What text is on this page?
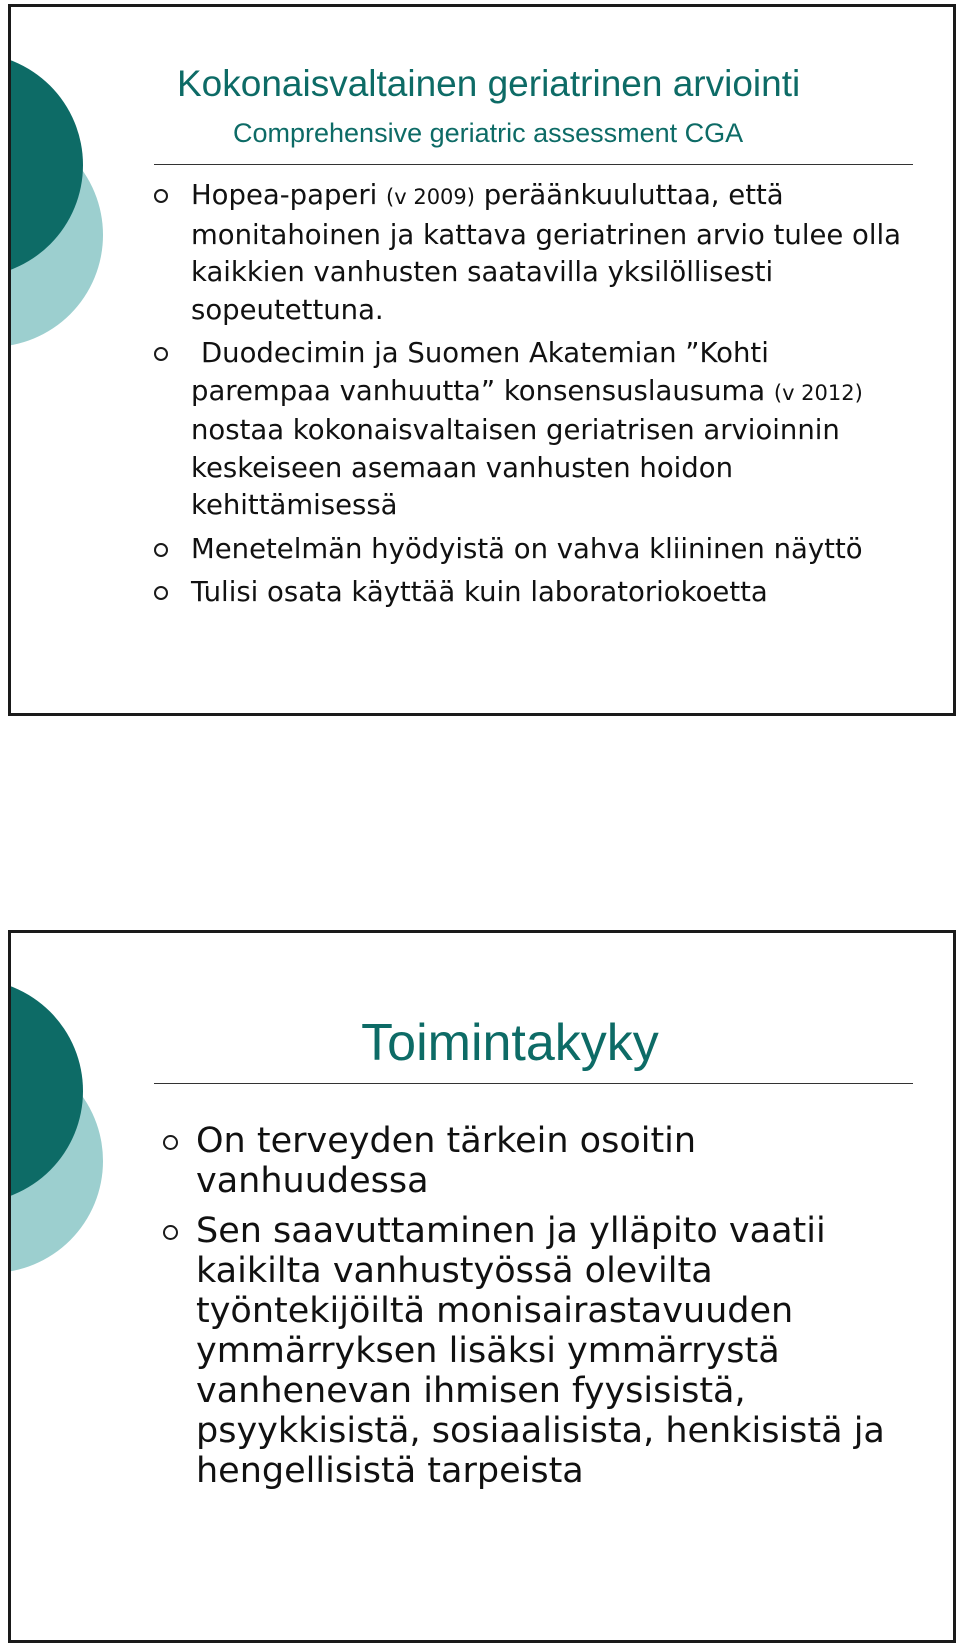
Kokonaisvaltainen geriatrinen arviointi
Comprehensive geriatric assessment CGA
Hopea-paperi (v 2009) peräänkuuluttaa, että monitahoinen ja kattava geriatrinen arvio tulee olla kaikkien vanhusten saatavilla yksilöllisesti sopeutettuna.
Duodecimin ja Suomen Akatemian ”Kohti parempaa vanhuutta” konsensuslausuma (v 2012) nostaa kokonaisvaltaisen geriatrisen arvioinnin keskeiseen asemaan vanhusten hoidon kehittämisessä
Menetelmän hyödyistä on vahva kliininen näyttö
Tulisi osata käyttää kuin laboratoriokoetta
Toimintakyky
On terveyden tärkein osoitin vanhuudessa
Sen saavuttaminen ja ylläpito vaatii kaikilta vanhustyössä olevilta työntekijöiltä monisairastavuuden ymmärryksen lisäksi ymmärrystä vanhenevan ihmisen fyysisistä, psyykkisistä, sosiaalisista, henkisistä ja hengellisistä tarpeista
